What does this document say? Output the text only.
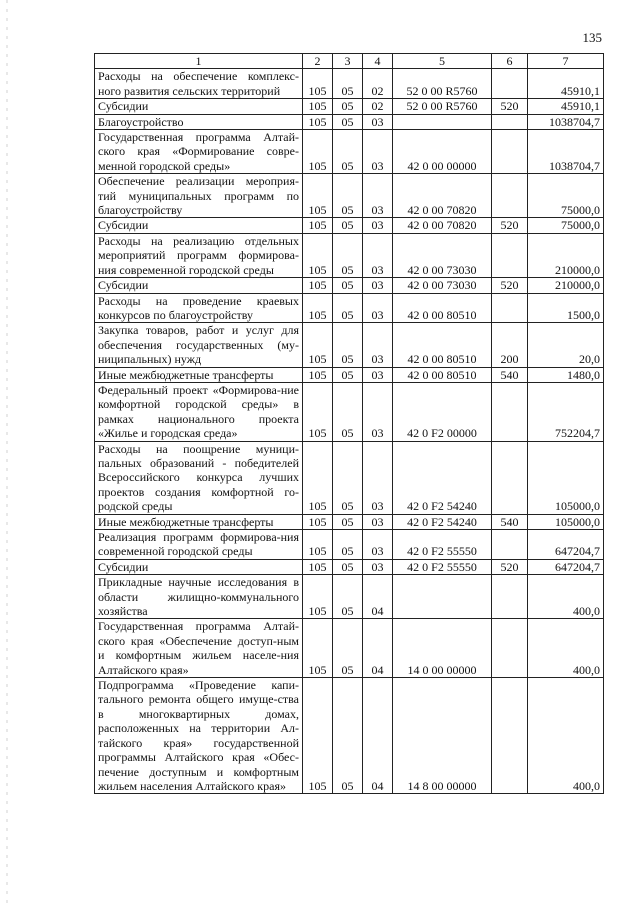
135
1	2	3	4	5	6	7
Расходы на обеспечение комплекс-ного развития сельских территорий	105	05	02	52 0 00 R5760		45910,1
Субсидии	105	05	02	52 0 00 R5760	520	45910,1
Благоустройство	105	05	03			1038704,7
Государственная программа Алтай-ского края «Формирование совре-менной городской среды»	105	05	03	42 0 00 00000		1038704,7
Обеспечение реализации мероприя-тий муниципальных программ по благоустройству	105	05	03	42 0 00 70820		75000,0
Субсидии	105	05	03	42 0 00 70820	520	75000,0
Расходы на реализацию отдельных мероприятий программ формирова-ния современной городской среды	105	05	03	42 0 00 73030		210000,0
Субсидии	105	05	03	42 0 00 73030	520	210000,0
Расходы на проведение краевых конкурсов по благоустройству	105	05	03	42 0 00 80510		1500,0
Закупка товаров, работ и услуг для обеспечения государственных (му-ниципальных) нужд	105	05	03	42 0 00 80510	200	20,0
Иные межбюджетные трансферты	105	05	03	42 0 00 80510	540	1480,0
Федеральный проект «Формирова-ние комфортной городской среды» в рамках национального проекта «Жилье и городская среда»	105	05	03	42 0 F2 00000		752204,7
Расходы на поощрение муници-пальных образований - победителей Всероссийского конкурса лучших проектов создания комфортной го-родской среды	105	05	03	42 0 F2 54240		105000,0
Иные межбюджетные трансферты	105	05	03	42 0 F2 54240	540	105000,0
Реализация программ формирова-ния современной городской среды	105	05	03	42 0 F2 55550		647204,7
Субсидии	105	05	03	42 0 F2 55550	520	647204,7
Прикладные научные исследования в области жилищно-коммунального хозяйства	105	05	04			400,0
Государственная программа Алтай-ского края «Обеспечение доступ-ным и комфортным жильем населе-ния Алтайского края»	105	05	04	14 0 00 00000		400,0
Подпрограмма «Проведение капи-тального ремонта общего имуще-ства в многоквартирных домах, расположенных на территории Ал-тайского края» государственной программы Алтайского края «Обес-печение доступным и комфортным жильем населения Алтайского края»	105	05	04	14 8 00 00000		400,0
